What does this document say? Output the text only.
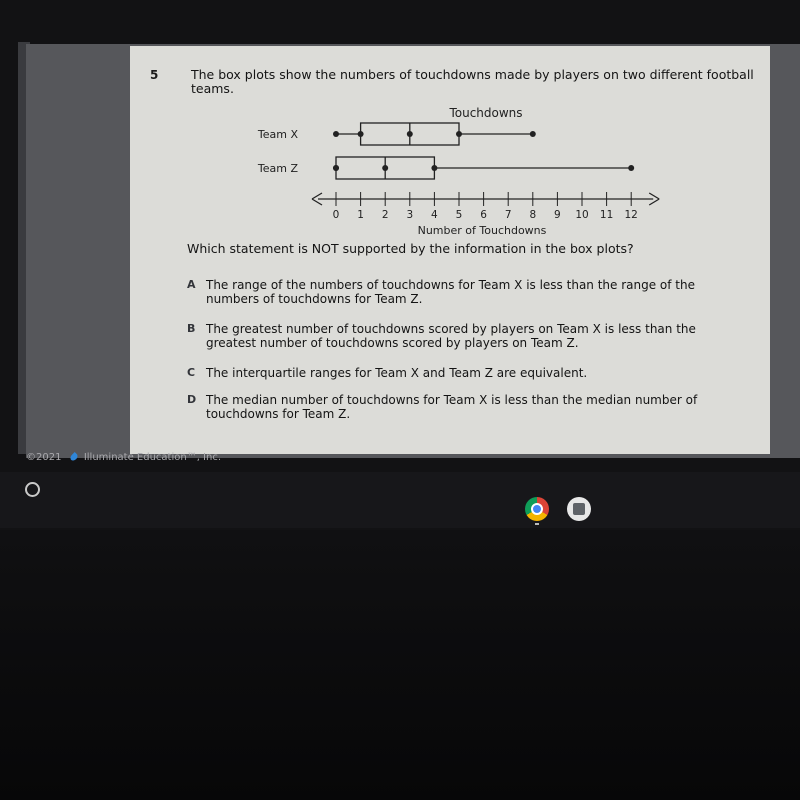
5	The box plots show the numbers of touchdowns made by players on two different football teams.
Touchdowns
0 1 2 3 4 5 6 7 8 9 10 11 12
Team X
Team Z
Number of Touchdowns
Which statement is NOT supported by the information in the box plots?
A The range of the numbers of touchdowns for Team X is less than the range of the numbers of touchdowns for Team Z.
B The greatest number of touchdowns scored by players on Team X is less than the greatest number of touchdowns scored by players on Team Z.
C The interquartile ranges for Team X and Team Z are equivalent.
D The median number of touchdowns for Team X is less than the median number of touchdowns for Team Z.
©2021 Illuminate Education™, Inc.
